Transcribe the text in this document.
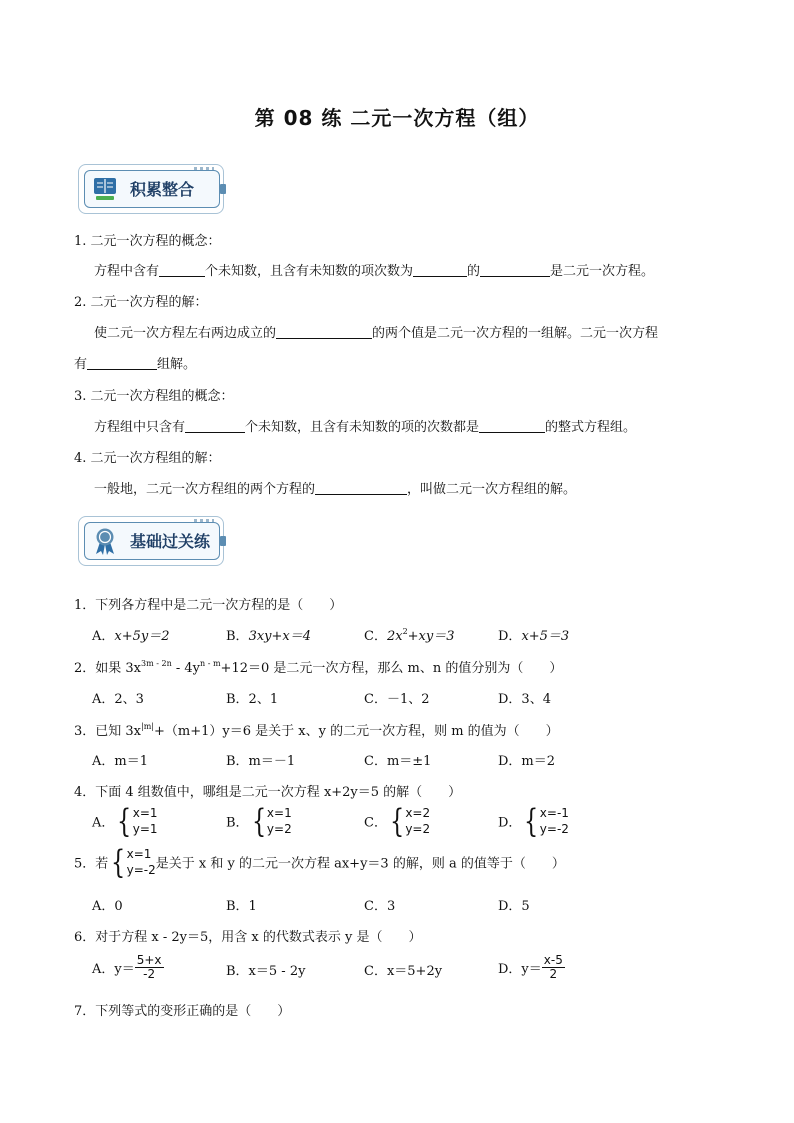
第 08 练 二元一次方程（组）
积累整合
1. 二元一次方程的概念：
方程中含有	个未知数，且含有未知数的项次数为	的	是二元一次方程。
2. 二元一次方程的解：
使二元一次方程左右两边成立的	的两个值是二元一次方程的一组解。二元一次方程
有	组解。
3. 二元一次方程组的概念：
方程组中只含有	个未知数，且含有未知数的项的次数都是	的整式方程组。
4. 二元一次方程组的解：
一般地，二元一次方程组的两个方程的	，叫做二元一次方程组的解。
基础过关练
1．下列各方程中是二元一次方程的是（　　）
A．x+5y＝2	B．3xy+x＝4	C．$2x^2+xy=3$	D．x+5＝3
2．如果 $3x^{3m - 2n} - 4y^{n - m}+12=0$ 是二元一次方程，那么 m、n 的值分别为（　　）
A．2、3	B．2、1	C．－1、2	D．3、4
3．已知 $3x^{|m|}+(m+1)y=6$ 是关于 x、y 的二元一次方程，则 m 的值为（　　）
A．m＝1	B．m＝－1	C．m＝±1	D．m＝2
4．下面 4 组数值中，哪组是二元一次方程 x+2y＝5 的解（　　）
A． { x=1
y=1	B． { x=1
y=2	C． { x=2
y=2	D． { x=-1
y=-2
5．若 { x=1
y=-2 是关于 x 和 y 的二元一次方程 ax+y＝3 的解，则 a 的值等于（　　）
A．0	B．1	C．3	D．5
6．对于方程 x - 2y＝5，用含 x 的代数式表示 y 是（　　）
A．$y= \frac{5+x}{-2}$	B．x＝5 - 2y	C．x＝5+2y	D．$y= \frac{x-5}{2}$
7．下列等式的变形正确的是（　　）
